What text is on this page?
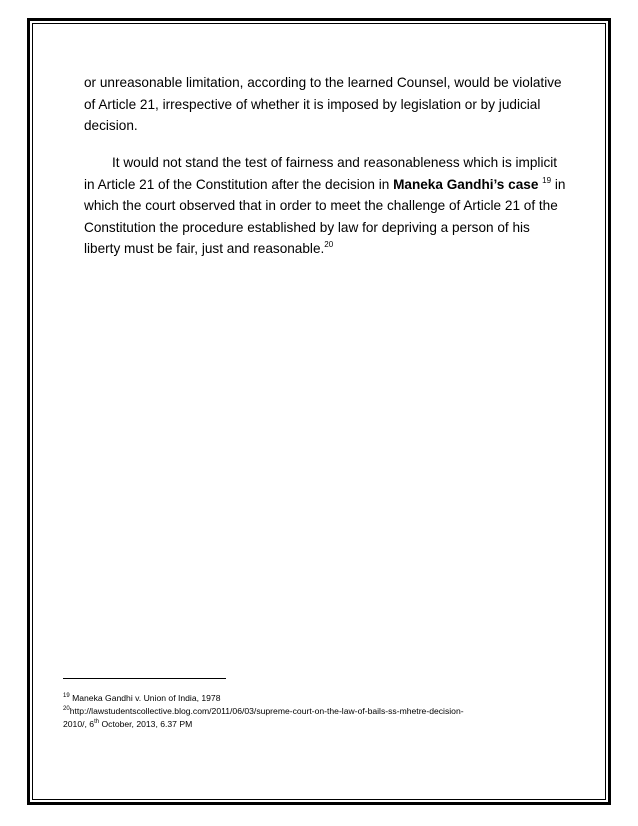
or unreasonable limitation, according to the learned Counsel, would be violative
of Article 21, irrespective of whether it is imposed by legislation or by judicial
decision.
It would not stand the test of fairness and reasonableness which is implicit
in Article 21 of the Constitution after the decision in Maneka Gandhi’s case $^{19}$ in
which the court observed that in order to meet the challenge of Article 21 of the
Constitution the procedure established by law for depriving a person of his
liberty must be fair, just and reasonable.$^{20}$
$^{19}$ Maneka Gandhi v. Union of India, 1978
$^{20}$http://lawstudentscollective.blog.com/2011/06/03/supreme-court-on-the-law-of-bails-ss-mhetre-decision-
2010/, 6th October, 2013, 6.37 PM
